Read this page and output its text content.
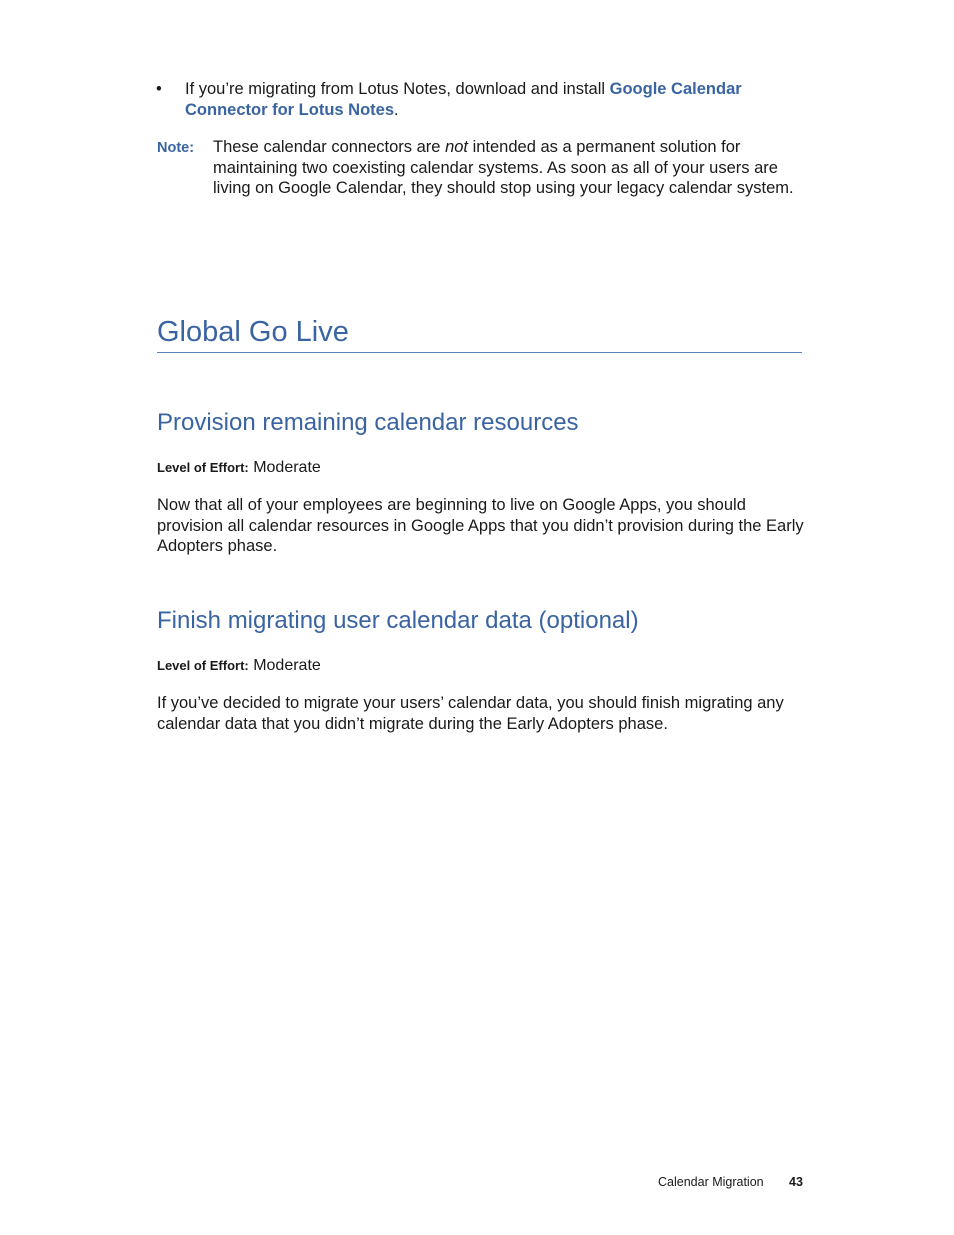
• If you’re migrating from Lotus Notes, download and install Google Calendar Connector for Lotus Notes.
Note: These calendar connectors are not intended as a permanent solution for maintaining two coexisting calendar systems. As soon as all of your users are living on Google Calendar, they should stop using your legacy calendar system.
Global Go Live
Provision remaining calendar resources
Level of Effort: Moderate
Now that all of your employees are beginning to live on Google Apps, you should provision all calendar resources in Google Apps that you didn’t provision during the Early Adopters phase.
Finish migrating user calendar data (optional)
Level of Effort: Moderate
If you’ve decided to migrate your users’ calendar data, you should finish migrating any calendar data that you didn’t migrate during the Early Adopters phase.
Calendar Migration 43
